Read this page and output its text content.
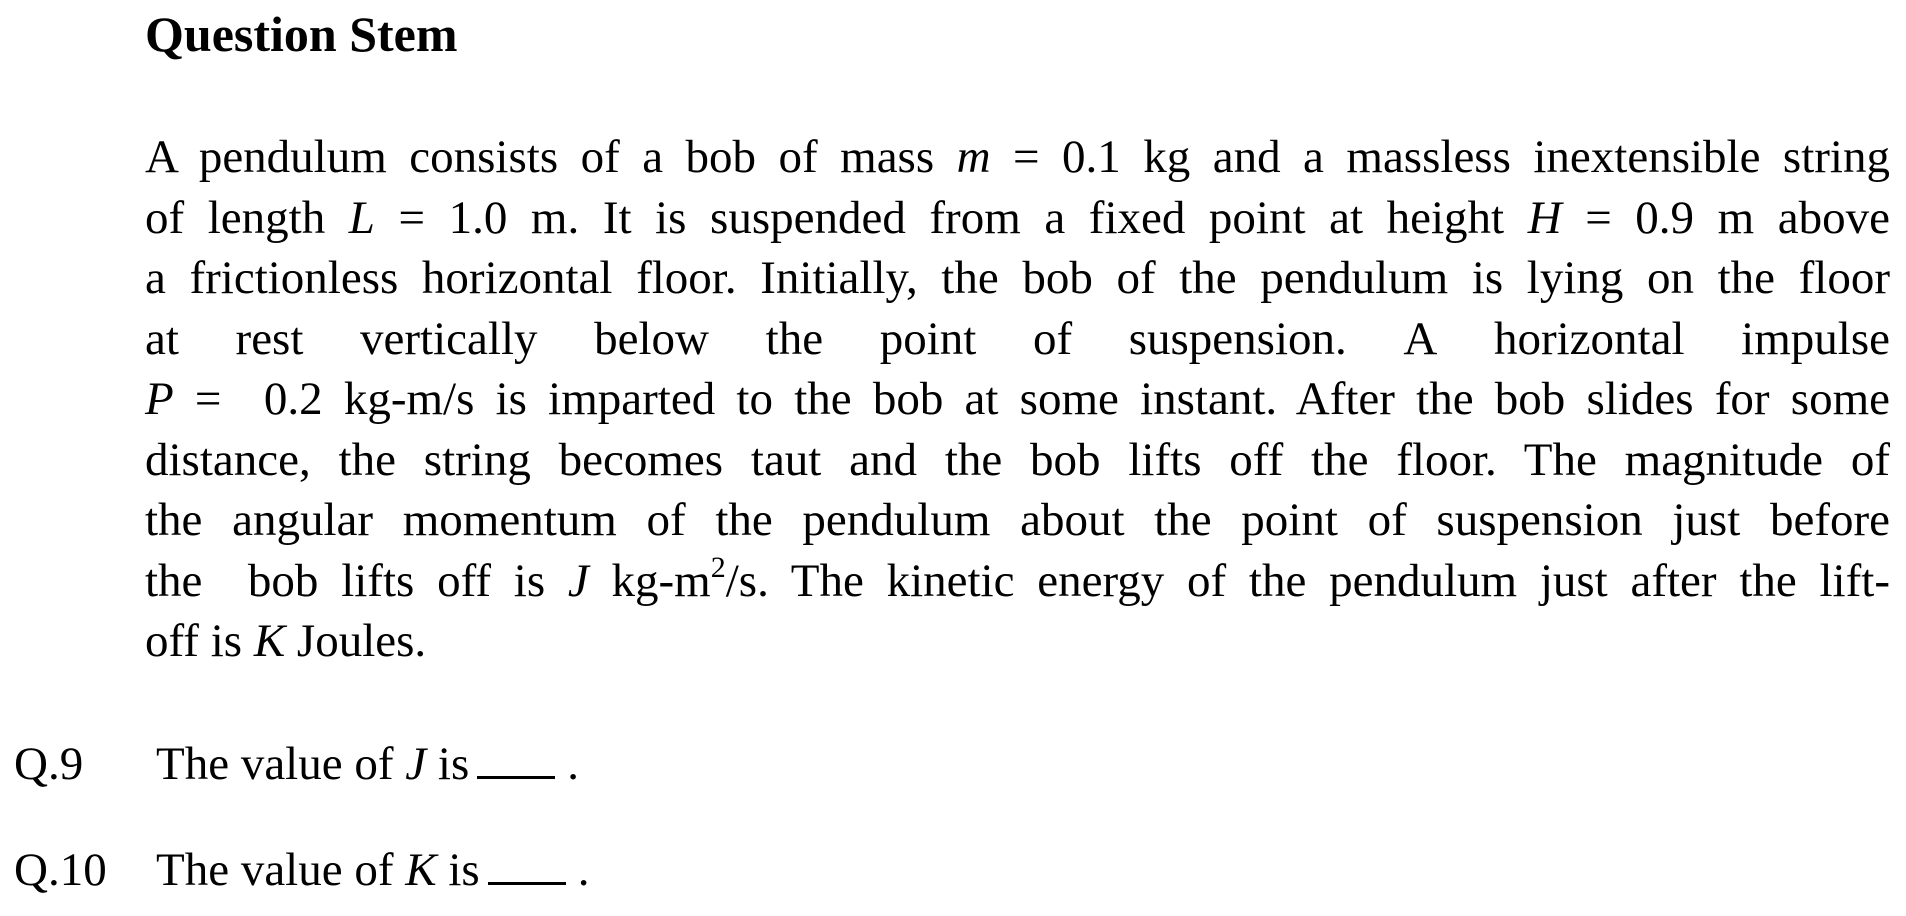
Question Stem
A pendulum consists of a bob of mass m = 0.1 kg and a massless inextensible string
of length L = 1.0 m. It is suspended from a fixed point at height H = 0.9 m above
a frictionless horizontal floor. Initially, the bob of the pendulum is lying on the floor
at rest vertically below the point of suspension. A horizontal impulse
P =  0.2 kg-m/s is imparted to the bob at some instant. After the bob slides for some
distance, the string becomes taut and the bob lifts off the floor. The magnitude of
the angular momentum of the pendulum about the point of suspension just before
the  bob lifts off is J $kg-m^2/s$. The kinetic energy of the pendulum just after the lift-
off is K Joules.
Q.9 The value of J is .
Q.10 The value of K is .
